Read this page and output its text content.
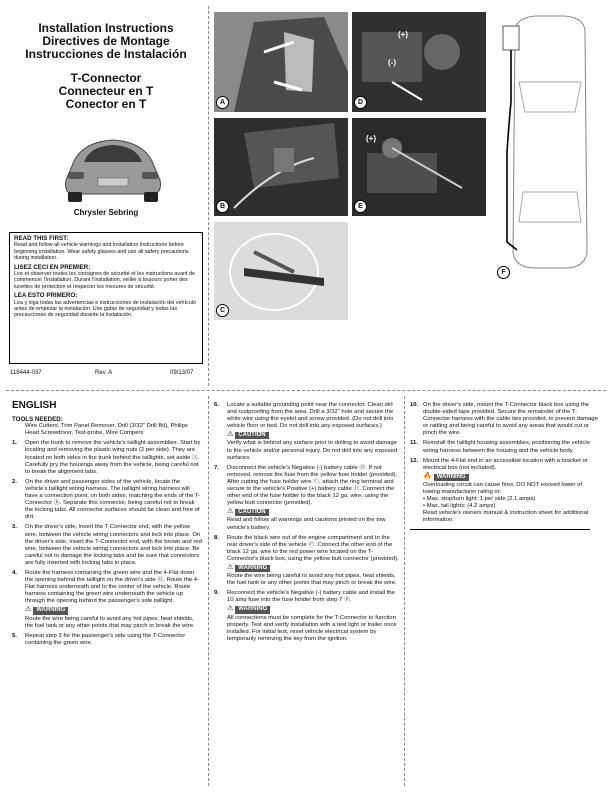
Installation Instructions
Directives de Montage
Instrucciones de Instalación
T-Connector
Connecteur en T
Conector en T
Chrysler Sebring
READ THIS FIRST:
Read and follow all vehicle warnings and installation instructions before beginning installation. Wear safety glasses and use all safety precautions during installation.
LISEZ CECI EN PREMIER:
Lire et observer toutes les consignes de sécurité et les instructions avant de commencer l'installation. Durant l'installation, veiller à toujours porter des lunettes de protection et respecter les mesures de sécurité.
LEA ESTO PRIMERO:
Lea y siga todas las advertencias e instrucciones de instalación del vehículo antes de empezar la instalación. Use gafas de seguridad y todas las precauciones de seguridad durante la instalación.
118444-037	Rev. A	09/13/07
A
B
C
(+)
(-)
D
(+)
E
F
ENGLISH
TOOLS NEEDED:
Wire Cutters, Trim Panel Remover, Drill (3/32" Drill Bit), Philips Head Screwdriver, Test-probe, Wire Crimpers
1.	Open the trunk to remove the vehicle's taillight assemblies. Start by locating and removing the plastic wing nuts (2 per side). They are located on both sides in the trunk behind the taillights, set aside Ⓐ. Carefully pry the housings away from the vehicle, being careful not to break the alignment tabs.
2.	On the driver and passenger sides of the vehicle, locate the vehicle's taillight wiring harness. The taillight wiring harness will have a connection point, on both sides, matching the ends of the T-Connector Ⓑ. Separate this connector, being careful not to break the locking tabs. All connector surfaces should be clean and free of dirt.
3.	On the driver's side, insert the T-Connector end, with the yellow wire, between the vehicle wiring connectors and lock into place. On the driver's side, insert the T-Connector end, with the brown and red wire, between the vehicle wiring connectors and lock into place. Be careful not to damage the locking tabs and be sure that connectors are fully inserted with locking tabs in place.
4.	Route the harness containing the green wire and the 4-Flat down the opening behind the taillight on the driver's side Ⓑ. Route the 4-Flat harness underneath and to the center of the vehicle. Route harness containing the green wire underneath the vehicle up through the opening behind the passenger's side taillight.
⚠ WARNING
Route the wire being careful to avoid any hot pipes, heat shields, the fuel tank or any other points that may pinch or break the wire.
5.	Repeat step 3 for the passenger's side using the T-Connector containing the green wire.
6.	Locate a suitable grounding point near the connector. Clean dirt and rustproofing from the area. Drill a 3/32" hole and secure the white wire using the eyelet and screw provided. (Do not drill into vehicle floor or bed. Do not drill into any exposed surfaces.)
⚠ CAUTION
Verify what is behind any surface prior to drilling to avoid damage to the vehicle and/or personal injury. Do not drill into any exposed surfaces.
7.	Disconnect the vehicle's Negative (-) battery cable Ⓓ. If not removed, remove the fuse from the yellow fuse holder (provided). After cutting the fuse holder wire Ⓒ, attach the ring terminal and secure to the vehicle's Positive (+) battery cable Ⓔ. Connect the other end of the fuse holder to the black 12 ga. wire, using the yellow butt connector (provided).
⚠ CAUTION
Read and follow all warnings and cautions printed on the tow vehicle's battery.
8.	Route the black wire out of the engine compartment and to the rear driver's side of the vehicle Ⓕ. Connect the other end of the black 12 ga. wire to the red power wire located on the T-Connector's black box, using the yellow butt connector (provided).
⚠ WARNING
Route the wire being careful to avoid any hot pipes, heat shields, the fuel tank or any other points that may pinch or break the wire.
9.	Reconnect the vehicle's Negative (-) battery cable and install the 10 amp fuse into the fuse holder from step 7 Ⓓ.
⚠ WARNING
All connections must be complete for the T-Connector to function properly. Test and verify installation with a test light or trailer once installed. For initial test, reset vehicle electrical system by temporarily removing the key from the ignition.
10. On the driver's side, mount the T-Connector black box using the double-sided tape provided. Secure the remainder of the T-Connector harness with the cable ties provided, to prevent damage or rattling and being careful to avoid any areas that would cut or pinch the wire.
11. Reinstall the taillight housing assemblies, positioning the vehicle wiring harness between the housing and the vehicle body.
12. Mount the 4-Flat end in an accessible location with a bracket or electrical box (not included).
🔥 WARNING
Overloading circuit can cause fires. DO NOT exceed lower of towing manufacturer rating or:
• Max. stop/turn light: 1 per side (2.1 amps)
• Max. tail lights: (4.2 amps)
Read vehicle's owners manual & instruction sheet for additional information.
